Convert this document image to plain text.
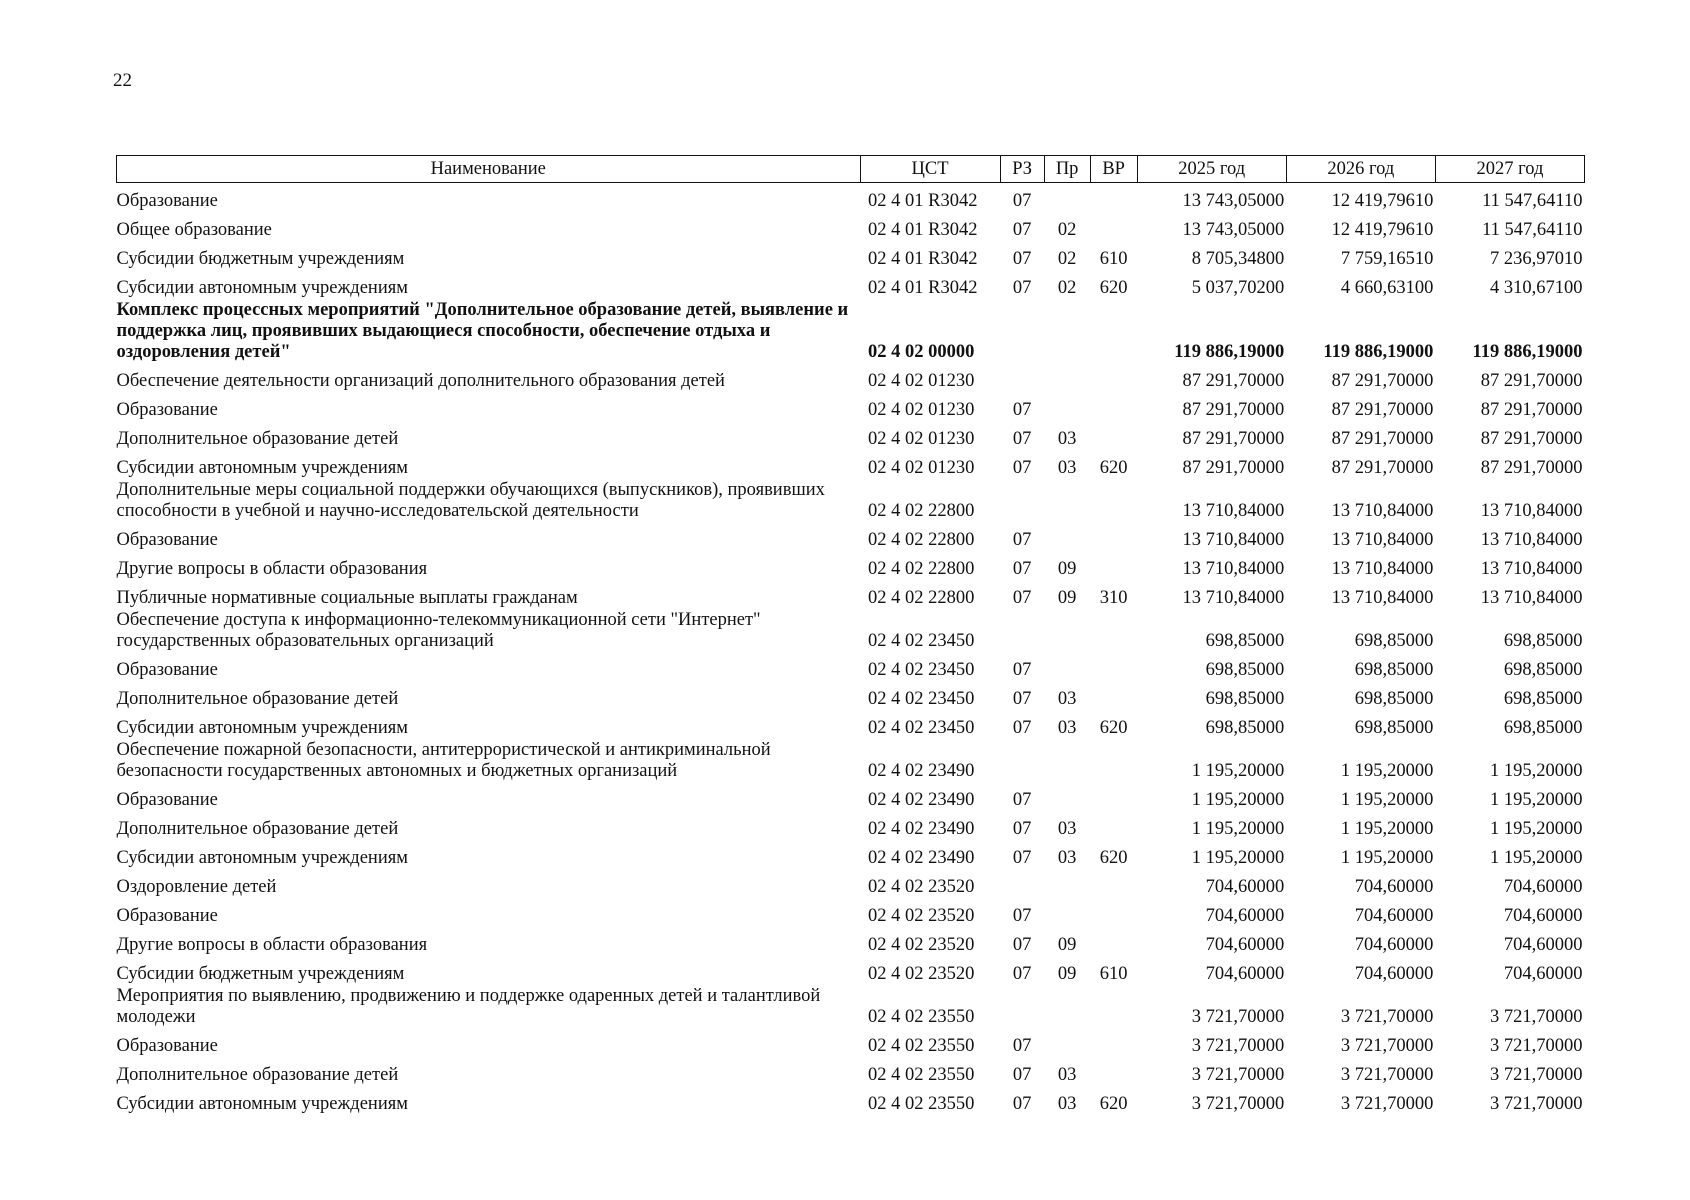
22
Наименование	ЦСТ	РЗ	Пр	ВР	2025 год	2026 год	2027 год
Образование	02 4 01 R3042	07			13 743,05000	12 419,79610	11 547,64110
Общее образование	02 4 01 R3042	07	02		13 743,05000	12 419,79610	11 547,64110
Субсидии бюджетным учреждениям	02 4 01 R3042	07	02	610	8 705,34800	7 759,16510	7 236,97010
Субсидии автономным учреждениям	02 4 01 R3042	07	02	620	5 037,70200	4 660,63100	4 310,67100
Комплекс процессных мероприятий "Дополнительное образование детей, выявление и поддержка лиц, проявивших выдающиеся способности, обеспечение отдыха и оздоровления детей"	02 4 02 00000				119 886,19000	119 886,19000	119 886,19000
Обеспечение деятельности организаций дополнительного образования детей	02 4 02 01230				87 291,70000	87 291,70000	87 291,70000
Образование	02 4 02 01230	07			87 291,70000	87 291,70000	87 291,70000
Дополнительное образование детей	02 4 02 01230	07	03		87 291,70000	87 291,70000	87 291,70000
Субсидии автономным учреждениям	02 4 02 01230	07	03	620	87 291,70000	87 291,70000	87 291,70000
Дополнительные меры социальной поддержки обучающихся (выпускников), проявивших способности в учебной и научно-исследовательской деятельности	02 4 02 22800				13 710,84000	13 710,84000	13 710,84000
Образование	02 4 02 22800	07			13 710,84000	13 710,84000	13 710,84000
Другие вопросы в области образования	02 4 02 22800	07	09		13 710,84000	13 710,84000	13 710,84000
Публичные нормативные социальные выплаты гражданам	02 4 02 22800	07	09	310	13 710,84000	13 710,84000	13 710,84000
Обеспечение доступа к информационно-телекоммуникационной сети "Интернет" государственных образовательных организаций	02 4 02 23450				698,85000	698,85000	698,85000
Образование	02 4 02 23450	07			698,85000	698,85000	698,85000
Дополнительное образование детей	02 4 02 23450	07	03		698,85000	698,85000	698,85000
Субсидии автономным учреждениям	02 4 02 23450	07	03	620	698,85000	698,85000	698,85000
Обеспечение пожарной безопасности, антитеррористической и антикриминальной безопасности государственных автономных и бюджетных организаций	02 4 02 23490				1 195,20000	1 195,20000	1 195,20000
Образование	02 4 02 23490	07			1 195,20000	1 195,20000	1 195,20000
Дополнительное образование детей	02 4 02 23490	07	03		1 195,20000	1 195,20000	1 195,20000
Субсидии автономным учреждениям	02 4 02 23490	07	03	620	1 195,20000	1 195,20000	1 195,20000
Оздоровление детей	02 4 02 23520				704,60000	704,60000	704,60000
Образование	02 4 02 23520	07			704,60000	704,60000	704,60000
Другие вопросы в области образования	02 4 02 23520	07	09		704,60000	704,60000	704,60000
Субсидии бюджетным учреждениям	02 4 02 23520	07	09	610	704,60000	704,60000	704,60000
Мероприятия по выявлению, продвижению и поддержке одаренных детей и талантливой молодежи	02 4 02 23550				3 721,70000	3 721,70000	3 721,70000
Образование	02 4 02 23550	07			3 721,70000	3 721,70000	3 721,70000
Дополнительное образование детей	02 4 02 23550	07	03		3 721,70000	3 721,70000	3 721,70000
Субсидии автономным учреждениям	02 4 02 23550	07	03	620	3 721,70000	3 721,70000	3 721,70000
